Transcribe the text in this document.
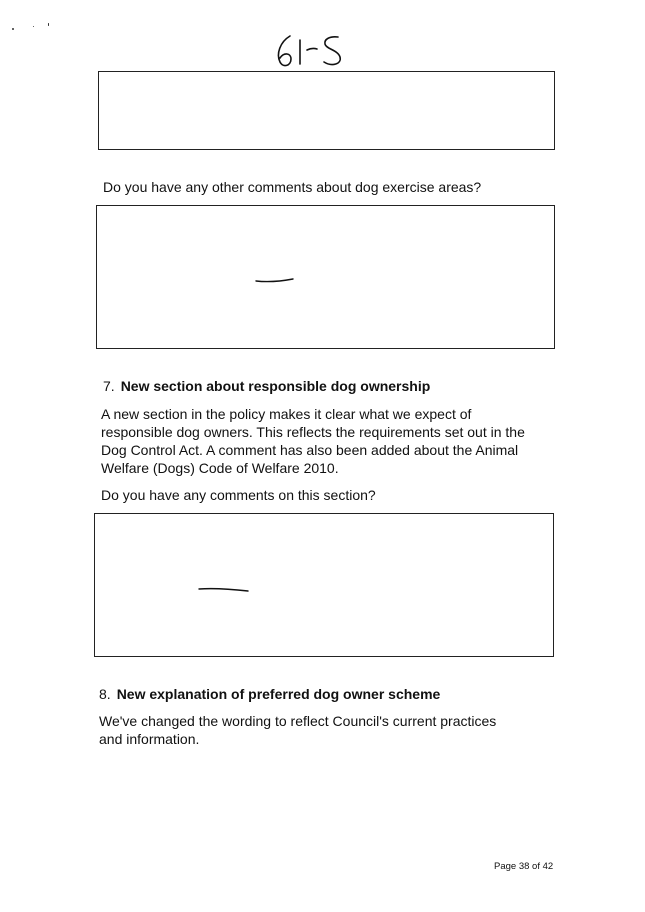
Do you have any other comments about dog exercise areas?
7. New section about responsible dog ownership
A new section in the policy makes it clear what we expect of responsible dog owners. This reflects the requirements set out in the Dog Control Act. A comment has also been added about the Animal Welfare (Dogs) Code of Welfare 2010.
Do you have any comments on this section?
8. New explanation of preferred dog owner scheme
We've changed the wording to reflect Council's current practices and information.
Page 38 of 42
